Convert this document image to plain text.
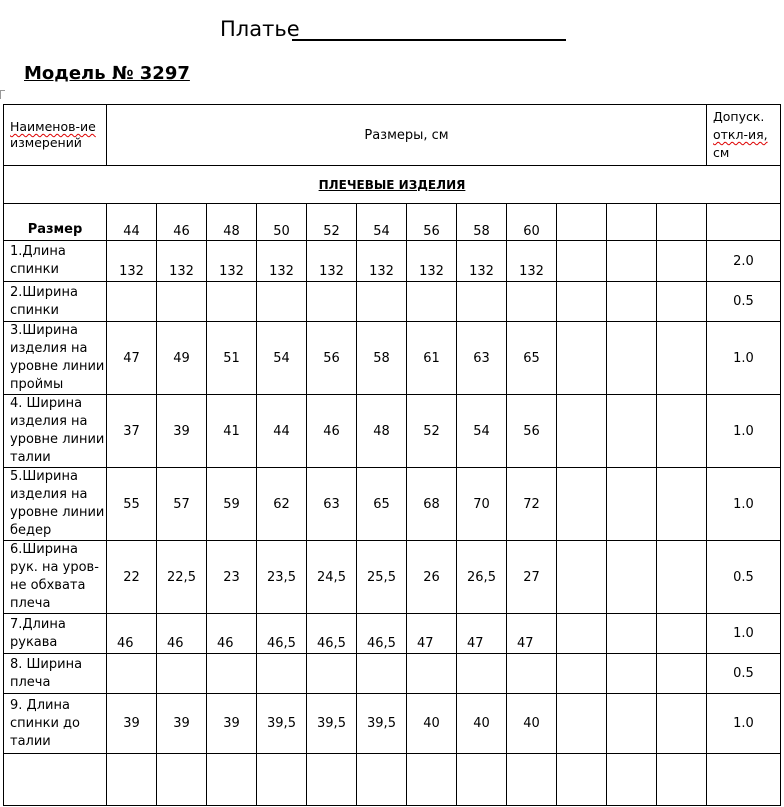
Платье
Модель № 3297
Наименов-ие
измерений	Размеры, см												Допуск.
откл-ия,
см
ПЛЕЧЕВЫЕ ИЗДЕЛИЯ													
Размер	44	46	48	50	52	54	56	58	60				
1.Длина
спинки	132	132	132	132	132	132	132	132	132				2.0
2.Ширина
спинки													0.5
3.Ширина
изделия на
уровне линии
проймы	47	49	51	54	56	58	61	63	65				1.0
4. Ширина
изделия на
уровне линии
талии	37	39	41	44	46	48	52	54	56				1.0
5.Ширина
изделия на
уровне линии
бедер	55	57	59	62	63	65	68	70	72				1.0
6.Ширина
рук. на уров-
не обхвата
плеча	22	22,5	23	23,5	24,5	25,5	26	26,5	27				0.5
7.Длина
рукава	46	46	46	46,5	46,5	46,5	47	47	47				1.0
8. Ширина
плеча													0.5
9. Длина
спинки до
талии	39	39	39	39,5	39,5	39,5	40	40	40				1.0
